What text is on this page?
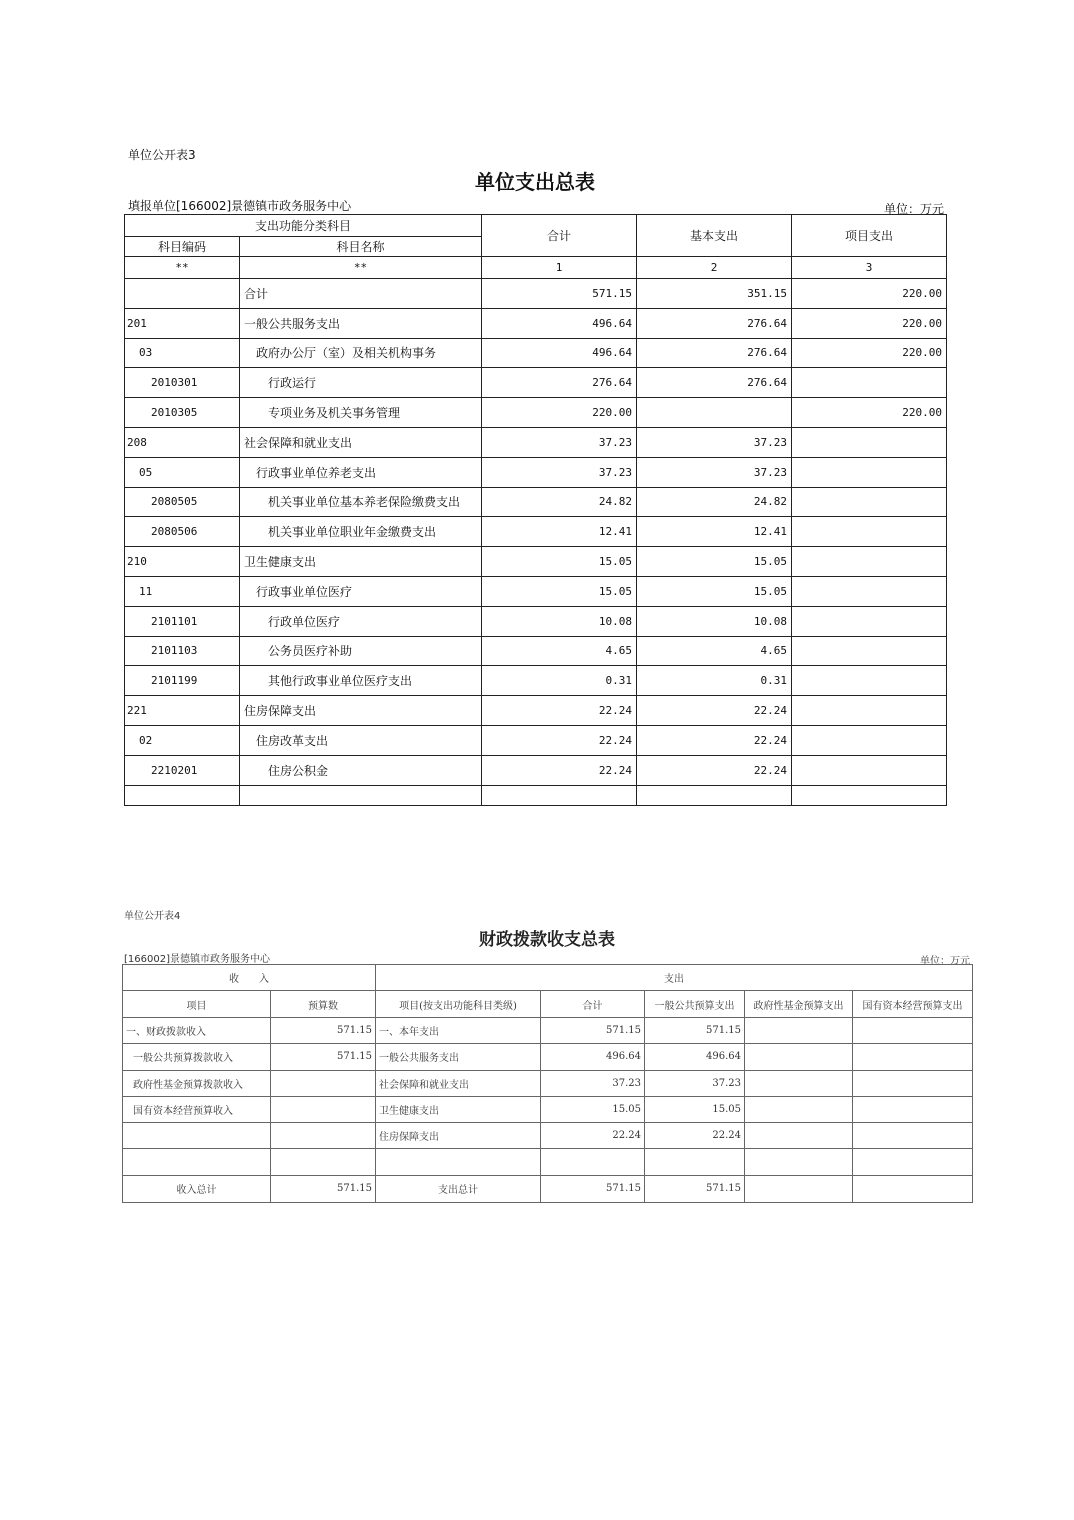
单位公开表3
单位支出总表
填报单位[166002]景德镇市政务服务中心	单位：万元
支出功能分类科目		合计	基本支出	项目支出
科目编码	科目名称			
**	**	1	2	3
	合计	571.15	351.15	220.00
201	一般公共服务支出	496.64	276.64	220.00
03	政府办公厅（室）及相关机构事务	496.64	276.64	220.00
2010301	行政运行	276.64	276.64	
2010305	专项业务及机关事务管理	220.00		220.00
208	社会保障和就业支出	37.23	37.23	
05	行政事业单位养老支出	37.23	37.23	
2080505	机关事业单位基本养老保险缴费支出	24.82	24.82	
2080506	机关事业单位职业年金缴费支出	12.41	12.41	
210	卫生健康支出	15.05	15.05	
11	行政事业单位医疗	15.05	15.05	
2101101	行政单位医疗	10.08	10.08	
2101103	公务员医疗补助	4.65	4.65	
2101199	其他行政事业单位医疗支出	0.31	0.31	
221	住房保障支出	22.24	22.24	
02	住房改革支出	22.24	22.24	
2210201	住房公积金	22.24	22.24	

单位公开表4
财政拨款收支总表
[166002]景德镇市政务服务中心	单位：万元
收　　入		支出				
项目	预算数	项目(按支出功能科目类级)	合计	一般公共预算支出	政府性基金预算支出	国有资本经营预算支出
一、财政拨款收入	571.15	一、本年支出	571.15	571.15		
一般公共预算拨款收入	571.15	一般公共服务支出	496.64	496.64		
政府性基金预算拨款收入		社会保障和就业支出	37.23	37.23		
国有资本经营预算收入		卫生健康支出	15.05	15.05		
		住房保障支出	22.24	22.24		

收入总计	571.15	支出总计	571.15	571.15		
